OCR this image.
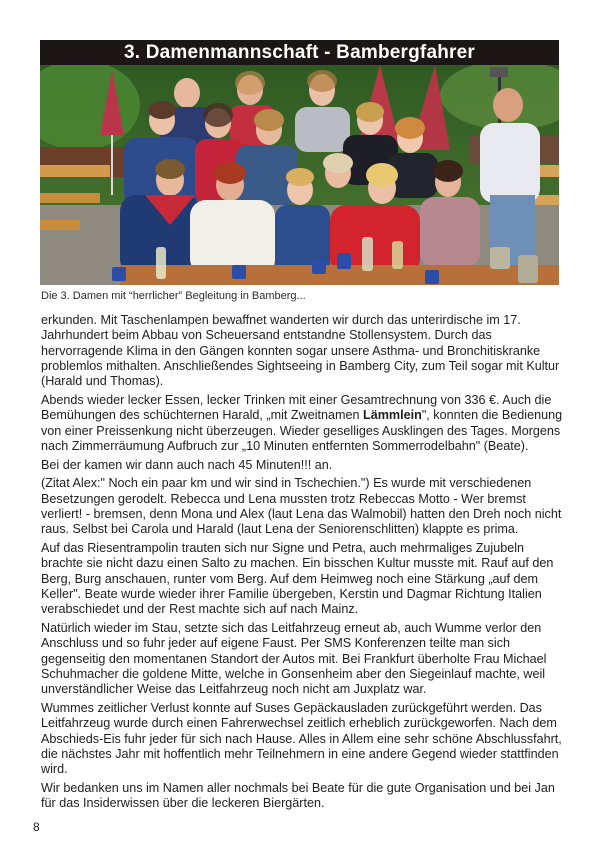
3. Damenmannschaft - Bambergfahrer
Die 3. Damen mit “herrlicher” Begleitung in Bamberg...

erkunden. Mit Taschenlampen bewaffnet wanderten wir durch das unterirdische im 17. Jahrhundert beim Abbau von Scheuersand entstandne Stollensystem. Durch das hervorragende Klima in den Gängen konnten sogar unsere Asthma- und Bronchitiskranke problemlos mithalten. Anschließendes Sightseeing in Bamberg City, zum Teil sogar mit Kultur (Harald und Thomas).

Abends wieder lecker Essen, lecker Trinken mit einer Gesamtrechnung von 336 €. Auch die Bemühungen des schüchternen Harald, „mit Zweitnamen Lämmlein", konnten die Bedienung von einer Preissenkung nicht überzeugen. Wieder geselliges Ausklingen des Tages. Morgens nach Zimmerräumung Aufbruch zur „10 Minuten entfernten Sommerrodelbahn" (Beate).

Bei der kamen wir dann auch nach 45 Minuten!!! an.

(Zitat Alex:" Noch ein paar km und wir sind in Tschechien.") Es wurde mit verschiedenen Besetzungen gerodelt. Rebecca und Lena mussten trotz Rebeccas Motto - Wer bremst verliert! - bremsen, denn Mona und Alex (laut Lena das Walmobil) hatten den Dreh noch nicht raus. Selbst bei Carola und Harald (laut Lena der Seniorenschlitten) klappte es prima.

Auf das Riesentrampolin trauten sich nur Signe und Petra, auch mehrmaliges Zujubeln brachte sie nicht dazu einen Salto zu machen. Ein bisschen Kultur musste mit. Rauf auf den Berg, Burg anschauen, runter vom Berg. Auf dem Heimweg noch eine Stärkung „auf dem Keller". Beate wurde wieder ihrer Familie übergeben, Kerstin und Dagmar Richtung Italien verabschiedet und der Rest machte sich auf nach Mainz.

Natürlich wieder im Stau, setzte sich das Leitfahrzeug erneut ab, auch Wumme verlor den Anschluss und so fuhr jeder auf eigene Faust. Per SMS Konferenzen teilte man sich gegenseitig den momentanen Standort der Autos mit. Bei Frankfurt überholte Frau Michael Schuhmacher die goldene Mitte, welche in Gonsenheim aber den Siegeinlauf machte, weil unverständlicher Weise das Leitfahrzeug noch nicht am Juxplatz war.

Wummes zeitlicher Verlust konnte auf Suses Gepäckausladen zurückgeführt werden. Das Leitfahrzeug wurde durch einen Fahrerwechsel zeitlich erheblich zurückgeworfen. Nach dem Abschieds-Eis fuhr jeder für sich nach Hause. Alles in Allem eine sehr schöne Abschlussfahrt, die nächstes Jahr mit hoffentlich mehr Teilnehmern in eine andere Gegend wieder stattfinden wird.

Wir bedanken uns im Namen aller nochmals bei Beate für die gute Organisation und bei Jan für das Insiderwissen über die leckeren Biergärten.

8
